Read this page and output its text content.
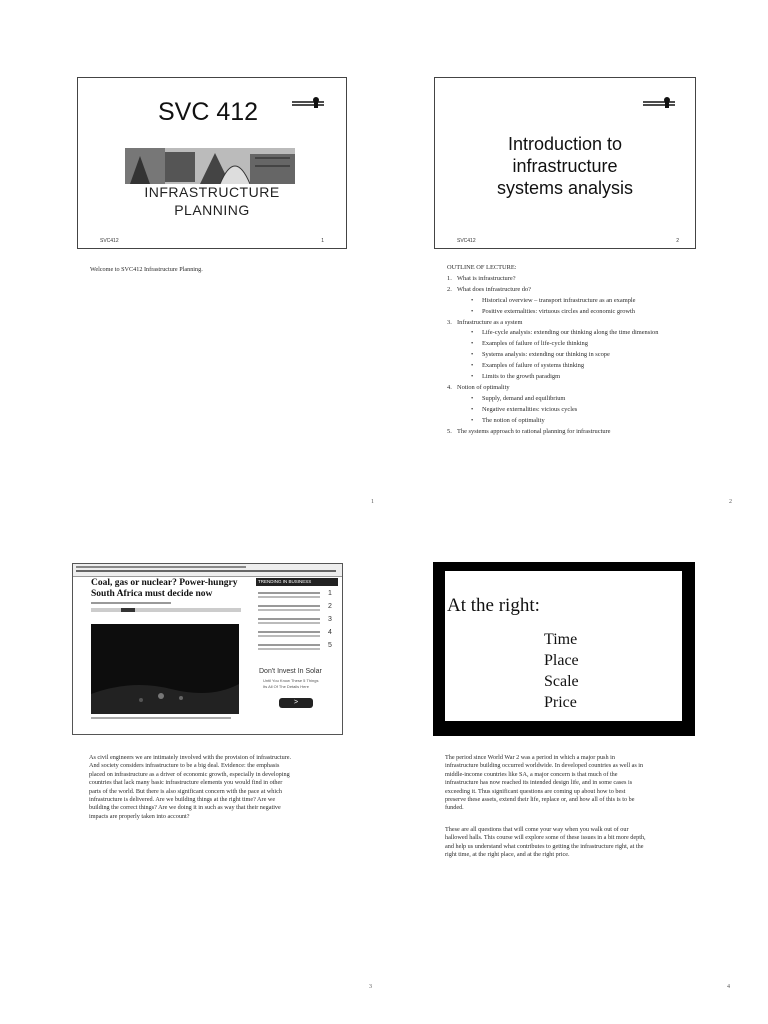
SVC 412
INFRASTRUCTURE
PLANNING
SVC412	1
Welcome to SVC412 Infrastructure Planning.
Introduction to
infrastructure
systems analysis
SVC412	2
OUTLINE OF LECTURE:
1. What is infrastructure?
2. What does infrastructure do?
• Historical overview – transport infrastructure as an example
• Positive externalities: virtuous circles and economic growth
3. Infrastructure as a system
• Life-cycle analysis: extending our thinking along the time dimension
• Examples of failure of life-cycle thinking
• Systems analysis: extending our thinking in scope
• Examples of failure of systems thinking
• Limits to the growth paradigm
4. Notion of optimality
• Supply, demand and equilibrium
• Negative externalities: vicious cycles
• The notion of optimality
5. The systems approach to rational planning for infrastructure
1	2
Coal, gas or nuclear? Power-hungry
South Africa must decide now
TRENDING IN BUSINESS
1
2
3
4
5
Don't Invest In Solar
Until You Know These 5 Things
Its All Of The Details Here
>
As civil engineers we are intimately involved with the provision of infrastructure.
And society considers infrastructure to be a big deal. Evidence: the emphasis
placed on infrastructure as a driver of economic growth, especially in developing
countries that lack many basic infrastructure elements you would find in other
parts of the world. But there is also significant concern with the pace at which
infrastructure is delivered. Are we building things at the right time? Are we
building the correct things? Are we doing it in such as way that their negative
impacts are properly taken into account?
At the right:
Time
Place
Scale
Price
The period since World War 2 was a period in which a major push in
infrastructure building occurred worldwide. In developed countries as well as in
middle-income countries like SA, a major concern is that much of the
infrastructure has now reached its intended design life, and in some cases is
exceeding it. Thus significant questions are coming up about how to best
preserve these assets, extend their life, replace or, and how all of this is to be
funded.
These are all questions that will come your way when you walk out of our
hallowed halls. This course will explore some of these issues in a bit more depth,
and help us understand what contributes to getting the infrastructure right, at the
right time, at the right place, and at the right price.
3	4
